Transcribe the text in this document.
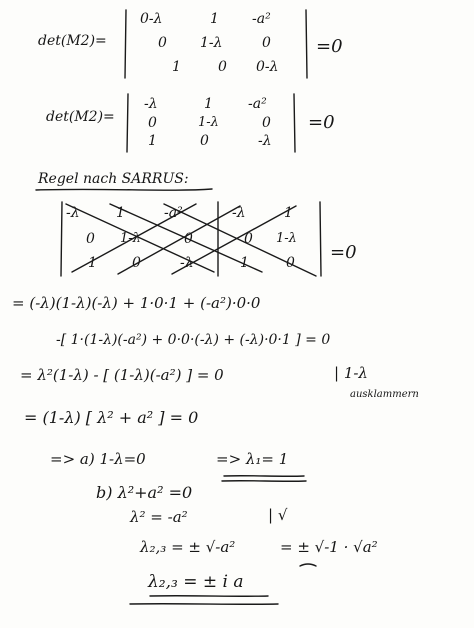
det(M2)=
0-λ	1 -a²
0 1-λ	0
1	0 0-λ
=0
det(M2)=
-λ	1	-a²
0	1-λ	0
1	0	-λ
=0
Regel nach SARRUS:
-λ	1	-a²	-λ	1
0 1-λ	0	0 1-λ
1	0	-λ	1	0 =0
= (-λ)(1-λ)(-λ) + 1·0·1 + (-a²)·0·0
-[ 1·(1-λ)(-a²) + 0·0·(-λ) + (-λ)·0·1 ] = 0
= λ²(1-λ) - [ (1-λ)(-a²) ] = 0	| 1-λ
ausklammern
= (1-λ) [ λ² + a² ] = 0
=> a) 1-λ=0	=> λ₁= 1
b) λ²+a² =0
λ² = -a²	| √
λ₂,₃ = ± √-a²	= ± √-1 · √a²
λ₂,₃ = ± i a
